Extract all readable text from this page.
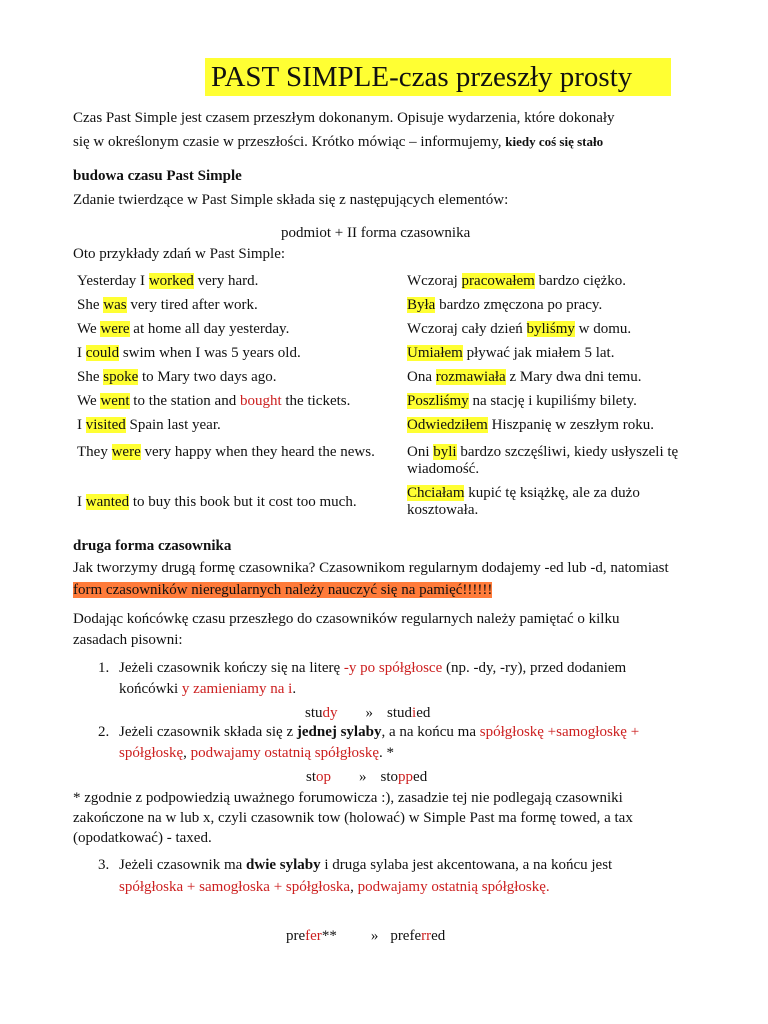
PAST SIMPLE-czas przeszły prosty
Czas Past Simple jest czasem przeszłym dokonanym. Opisuje wydarzenia, które dokonały
się w określonym czasie w przeszłości. Krótko mówiąc – informujemy, kiedy coś się stało
budowa czasu Past Simple
Zdanie twierdzące w Past Simple składa się z następujących elementów:
podmiot + II forma czasownika
Oto przykłady zdań w Past Simple:
Yesterday I worked very hard.	Wczoraj pracowałem bardzo ciężko.
She was very tired after work.	Była bardzo zmęczona po pracy.
We were at home all day yesterday.	Wczoraj cały dzień byliśmy w domu.
I could swim when I was 5 years old.	Umiałem pływać jak miałem 5 lat.
She spoke to Mary two days ago.	Ona rozmawiała z Mary dwa dni temu.
We went to the station and bought the tickets.	Poszliśmy na stację i kupiliśmy bilety.
I visited Spain last year.	Odwiedziłem Hiszpanię w zeszłym roku.
They were very happy when they heard the news.	Oni byli bardzo szczęśliwi, kiedy usłyszeli tę wiadomość.
I wanted to buy this book but it cost too much.	Chciałam kupić tę książkę, ale za dużo kosztowała.
druga forma czasownika
Jak tworzymy drugą formę czasownika? Czasownikom regularnym dodajemy -ed lub -d, natomiast
form czasowników nieregularnych należy nauczyć się na pamięć!!!!!!
Dodając końcówkę czasu przeszłego do czasowników regularnych należy pamiętać o kilku
zasadach pisowni:
1. Jeżeli czasownik kończy się na literę -y po spółgłosce (np. -dy, -ry), przed dodaniem
końcówki y zamieniamy na i.
study » studied
2. Jeżeli czasownik składa się z jednej sylaby, a na końcu ma spółgłoskę +samogłoskę +
spółgłoskę, podwajamy ostatnią spółgłoskę. *
stop » stopped
* zgodnie z podpowiedzią uważnego forumowicza :), zasadzie tej nie podlegają czasowniki
zakończone na w lub x, czyli czasownik tow (holować) w Simple Past ma formę towed, a tax
(opodatkować) - taxed.
3. Jeżeli czasownik ma dwie sylaby i druga sylaba jest akcentowana, a na końcu jest
spółgłoska + samogłoska + spółgłoska, podwajamy ostatnią spółgłoskę.
prefer** » preferred
